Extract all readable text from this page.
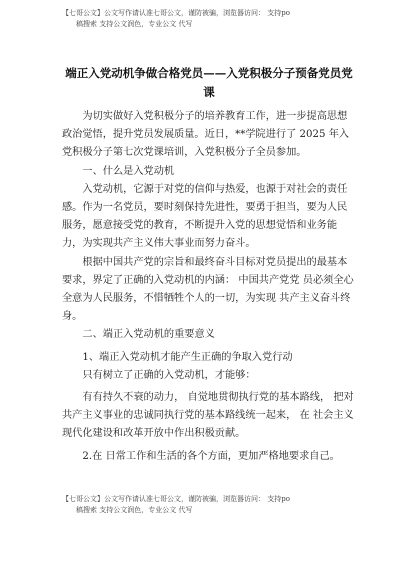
【七哥公文】公文写作请认准七哥公文，谨防被骗，浏览器访问： 支持po
稿搜索 支持公文润色，专业公文 代写
端正入党动机争做合格党员——入党积极分子预备党员党课

为切实做好入党积极分子的培养教育工作，进一步提高思想政治觉悟，提升党员发展质量。近日，**学院进行了 2025 年入党积极分子第七次党课培训，入党积极分子全员参加。

一、什么是入党动机

入党动机，它源于对党的信仰与热爱，也源于对社会的责任感。作为一名党员，要时刻保持先进性，要勇于担当，要为人民服务，愿意接受党的教育，不断提升入党的思想觉悟和业务能力，为实现共产主义伟大事业而努力奋斗。

根据中国共产党的宗旨和最终奋斗目标对党员提出的最基本要求，界定了正确的入党动机的内涵： 中国共产党党 员必须全心全意为人民服务，不惜牺牲个人的一切，为实现 共产主义奋斗终身。

二、端正入党动机的重要意义

1、端正入党动机才能产生正确的争取入党行动

只有树立了正确的入党动机，才能够：

有有持久不衰的动力， 自觉地贯彻执行党的基本路线， 把对共产主义事业的忠诚同执行党的基本路线统一起来， 在 社会主义现代化建设和改革开放中作出积极贡献。

2.在 日常工作和生活的各个方面，更加严格地要求自己。

【七哥公文】公文写作请认准七哥公文，谨防被骗，浏览器访问： 支持po
稿搜索 支持公文润色，专业公文 代写
